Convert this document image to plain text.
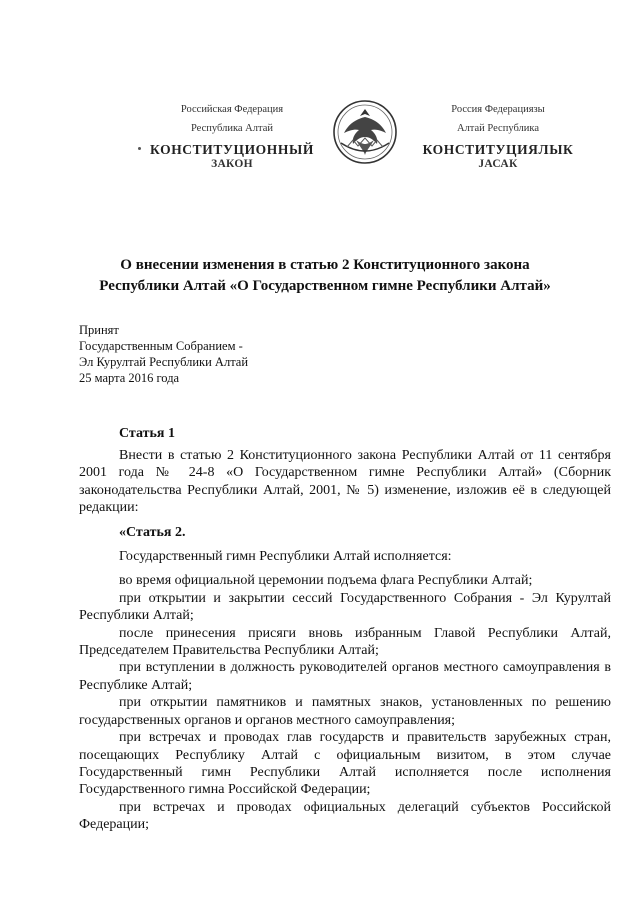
Российская Федерация
Республика Алтай
КОНСТИТУЦИОННЫЙ
ЗАКОН
Россия Федерациязы
Алтай Республика
КОНСТИТУЦИЯЛЫК
JАСАК
О внесении изменения в статью 2 Конституционного закона
Республики Алтай «О Государственном гимне Республики Алтай»
Принят
Государственным Собранием -
Эл Курултай Республики Алтай
25 марта 2016 года
Статья 1

Внести в статью 2 Конституционного закона Республики Алтай от 11 сентября 2001 года № 24-8 «О Государственном гимне Республики Алтай» (Сборник законодательства Республики Алтай, 2001, № 5) изменение, изложив её в следующей редакции:

«Статья 2.

Государственный гимн Республики Алтай исполняется:

во время официальной церемонии подъема флага Республики Алтай;

при открытии и закрытии сессий Государственного Собрания - Эл Курултай Республики Алтай;

после принесения присяги вновь избранным Главой Республики Алтай, Председателем Правительства Республики Алтай;

при вступлении в должность руководителей органов местного самоуправления в Республике Алтай;

при открытии памятников и памятных знаков, установленных по решению государственных органов и органов местного самоуправления;

при встречах и проводах глав государств и правительств зарубежных стран, посещающих Республику Алтай с официальным визитом, в этом случае Государственный гимн Республики Алтай исполняется после исполнения Государственного гимна Российской Федерации;

при встречах и проводах официальных делегаций субъектов Российской Федерации;
